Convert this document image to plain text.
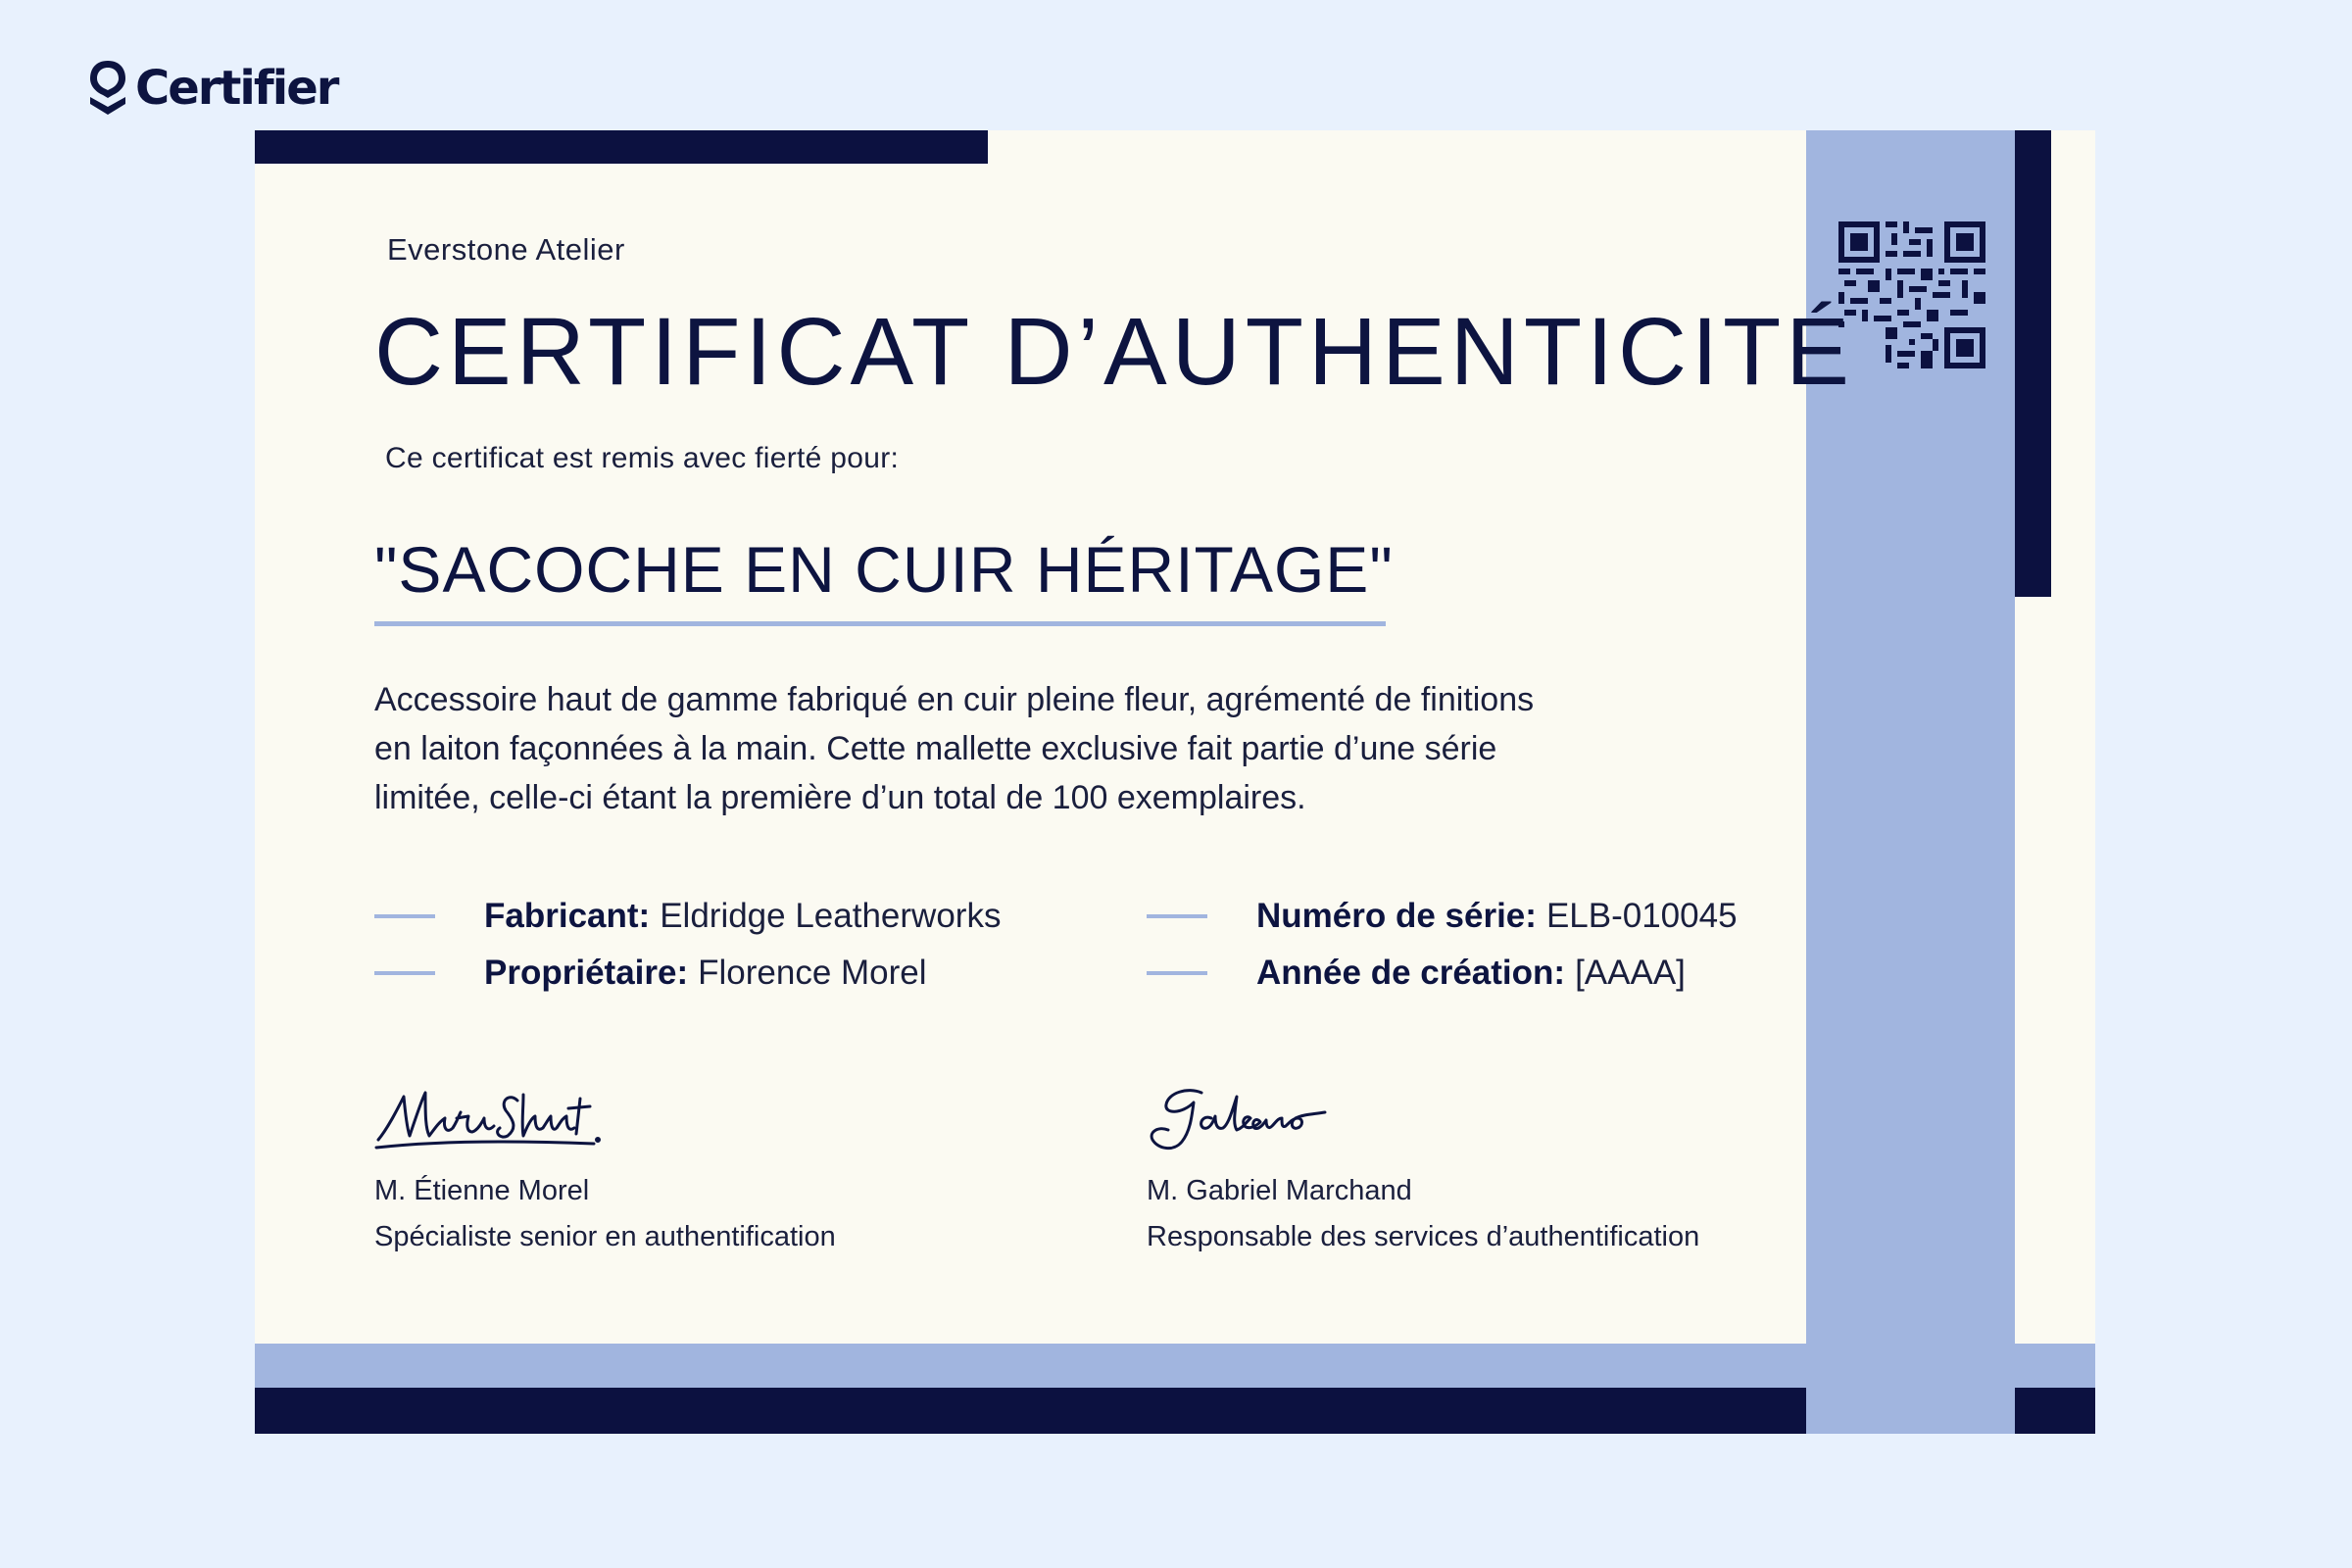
Certifier
Everstone Atelier
CERTIFICAT D’AUTHENTICITÉ
Ce certificat est remis avec fierté pour:
"SACOCHE EN CUIR HÉRITAGE"
Accessoire haut de gamme fabriqué en cuir pleine fleur, agrémenté de finitions
en laiton façonnées à la main. Cette mallette exclusive fait partie d’une série
limitée, celle-ci étant la première d’un total de 100 exemplaires.
Fabricant: Eldridge Leatherworks
Propriétaire: Florence Morel
Numéro de série: ELB-010045
Année de création: [AAAA]
M. Étienne Morel
Spécialiste senior en authentification
M. Gabriel Marchand
Responsable des services d’authentification
